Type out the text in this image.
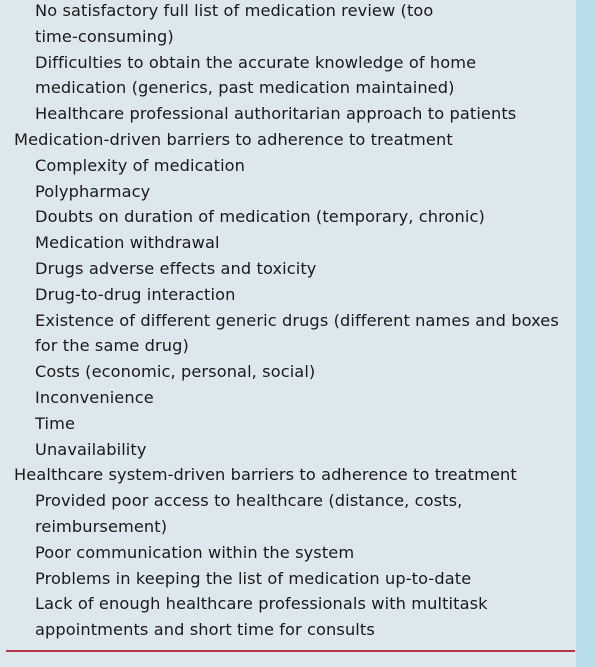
No satisfactory full list of medication review (too
time-consuming)
Difficulties to obtain the accurate knowledge of home
medication (generics, past medication maintained)
Healthcare professional authoritarian approach to patients
Medication-driven barriers to adherence to treatment
Complexity of medication
Polypharmacy
Doubts on duration of medication (temporary, chronic)
Medication withdrawal
Drugs adverse effects and toxicity
Drug-to-drug interaction
Existence of different generic drugs (different names and boxes
for the same drug)
Costs (economic, personal, social)
Inconvenience
Time
Unavailability
Healthcare system-driven barriers to adherence to treatment
Provided poor access to healthcare (distance, costs,
reimbursement)
Poor communication within the system
Problems in keeping the list of medication up-to-date
Lack of enough healthcare professionals with multitask
appointments and short time for consults
